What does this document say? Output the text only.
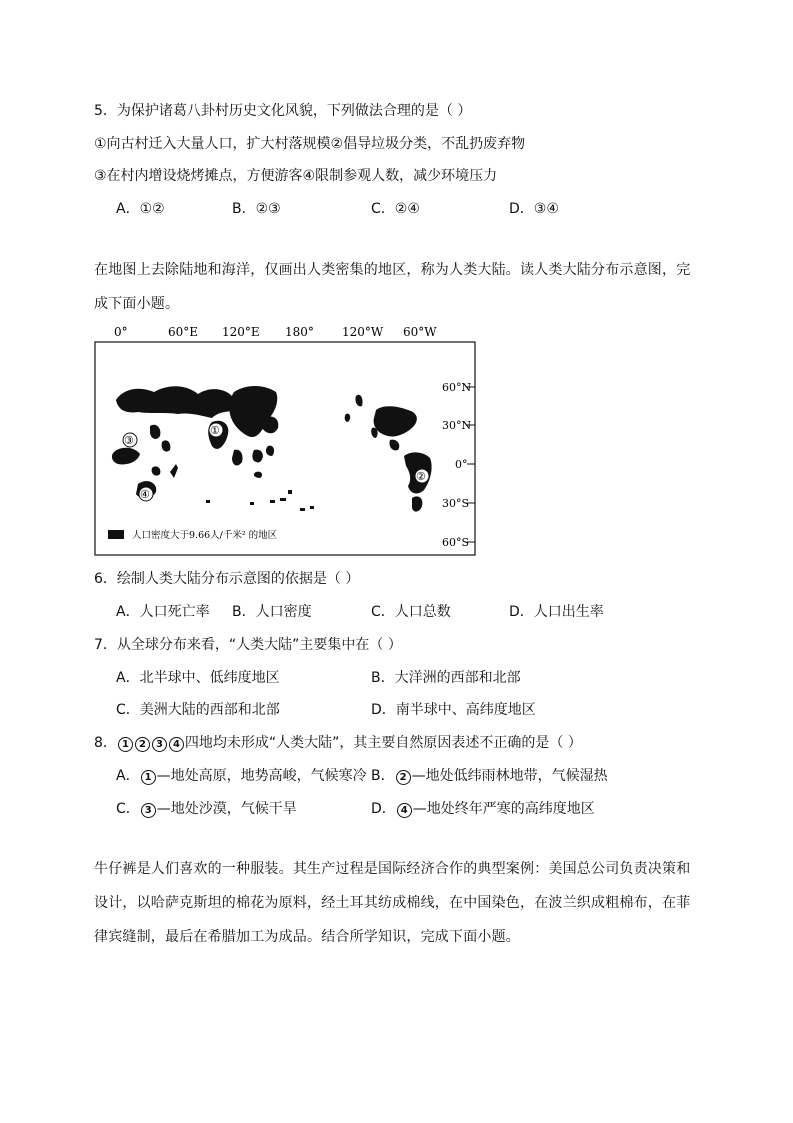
5．为保护诸葛八卦村历史文化风貌，下列做法合理的是（ ）
①向古村迁入大量人口，扩大村落规模②倡导垃圾分类，不乱扔废弃物
③在村内增设烧烤摊点，方便游客④限制参观人数，减少环境压力
A．①②	B．②③	C．②④	D．③④
在地图上去除陆地和海洋，仅画出人类密集的地区，称为人类大陆。读人类大陆分布示意图，完成下面小题。
0°	60°E 120°E 180° 120°W 60°W
60°N
30°N
0°
30°S
60°S
①
②
③
④
人口密度大于9.66人/千米² 的地区
6．绘制人类大陆分布示意图的依据是（ ）
A．人口死亡率 B．人口密度	C．人口总数	D．人口出生率
7．从全球分布来看，“人类大陆”主要集中在（ ）
A．北半球中、低纬度地区	B．大洋洲的西部和北部
C．美洲大陆的西部和北部	D．南半球中、高纬度地区
8． 1 2 3 4 四地均未形成“人类大陆”，其主要自然原因表述不正确的是（ ）
A． 1 —地处高原，地势高峻，气候寒冷 B． 2 —地处低纬雨林地带，气候湿热
C． 3 —地处沙漠，气候干旱	D． 4 —地处终年严寒的高纬度地区
牛仔裤是人们喜欢的一种服装。其生产过程是国际经济合作的典型案例：美国总公司负责决策和设计，以哈萨克斯坦的棉花为原料，经土耳其纺成棉线，在中国染色，在波兰织成粗棉布，在菲律宾缝制，最后在希腊加工为成品。结合所学知识，完成下面小题。
